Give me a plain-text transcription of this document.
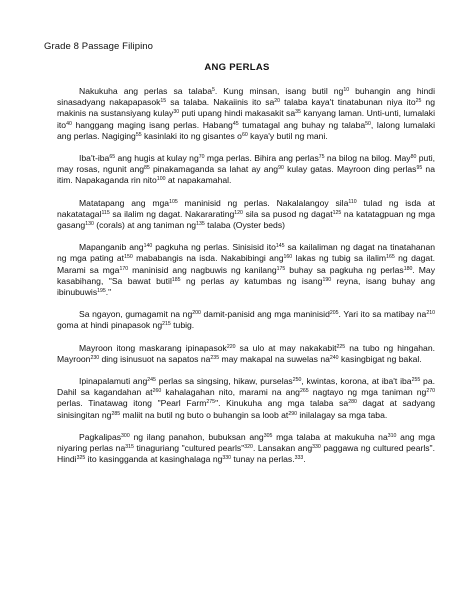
Grade 8 Passage Filipino
ANG PERLAS

Nakukuha ang perlas sa talaba$^5$. Kung minsan, isang butil $ng^{10}$ buhangin ang hindi sinasadyang nakapapasok$^{15}$ sa talaba. Nakaiinis ito $sa^{20}$ talaba kaya't tinatabunan niya ito$^{25}$ ng makinis na sustansiyang kulay$^{30}$ puti upang hindi makasakit $sa^{35}$ kanyang laman. Unti-unti, lumalaki ito$^{40}$ hanggang maging isang perlas. Habang$^{45}$ tumatagal ang buhay ng talaba$^{50}$, lalong lumalaki ang perlas. Nagiging$^{55}$ kasinlaki ito ng gisantes $o^{60}$ kaya'y butil ng mani.

Iba't-iba$^{65}$ ang hugis at kulay $ng^{70}$ mga perlas. Bihira ang perlas$^{75}$ na bilog na bilog. May$^{80}$ puti, may rosas, ngunit ang$^{85}$ pinakamaganda sa lahat ay ang$^{90}$ kulay gatas. Mayroon ding perlas$^{95}$ na itim. Napakaganda rin nito$^{100}$ at napakamahal.

Matatapang ang mga$^{105}$ maninisid ng perlas. Nakalalangoy sila$^{110}$ tulad ng isda at nakatatagal$^{115}$ sa ilalim ng dagat. Nakararating$^{120}$ sila sa pusod ng dagat$^{125}$ na katatagpuan ng mga gasang$^{130}$ (corals) at ang taniman $ng^{135}$ talaba (Oyster beds)

Mapanganib ang$^{140}$ pagkuha ng perlas. Sinisisid ito$^{145}$ sa kailaliman ng dagat na tinatahanan ng mga pating $at^{150}$ mababangis na isda. Nakabibingi ang$^{160}$ lakas ng tubig sa ilalim$^{165}$ ng dagat. Marami sa mga$^{170}$ maninisid ang nagbuwis ng kanilang$^{175}$ buhay sa pagkuha ng perlas$^{180}$. May kasabihang, "Sa bawat butil$^{185}$ ng perlas ay katumbas ng isang$^{190}$ reyna, isang buhay ang ibinubuwis$^{195}$."

Sa ngayon, gumagamit na $ng^{200}$ damit-panisid ang mga maninisid$^{205}$. Yari ito sa matibay $na^{210}$ goma at hindi pinapasok $ng^{215}$ tubig.

Mayroon itong maskarang ipinapasok$^{220}$ sa ulo at may nakakabit$^{225}$ na tubo ng hingahan. Mayroon$^{230}$ ding isinusuot na sapatos $na^{235}$ may makapal na suwelas $na^{240}$ kasingbigat ng bakal.

Ipinapalamuti ang$^{245}$ perlas sa singsing, hikaw, purselas$^{250}$, kwintas, korona, at iba't iba$^{255}$ pa. Dahil sa kagandahan $at^{260}$ kahalagahan nito, marami na ang$^{265}$ nagtayo ng mga taniman $ng^{270}$ perlas. Tinatawag itong "Pearl Farm$^{275}$". Kinukuha ang mga talaba $sa^{280}$ dagat at sadyang sinisingitan $ng^{285}$ maliit na butil ng buto o buhangin sa loob $at^{290}$ inilalagay sa mga taba.

Pagkalipas$^{300}$ ng ilang panahon, bubuksan ang$^{305}$ mga talaba at makukuha $na^{310}$ ang mga niyaring perlas $na^{315}$ tinaguriang "cultured pearls"$^{320}$. Lansakan ang$^{330}$ paggawa ng cultured pearls". Hindi$^{325}$ ito kasingganda at kasinghalaga $ng^{330}$ tunay na perlas.$^{333}$.
